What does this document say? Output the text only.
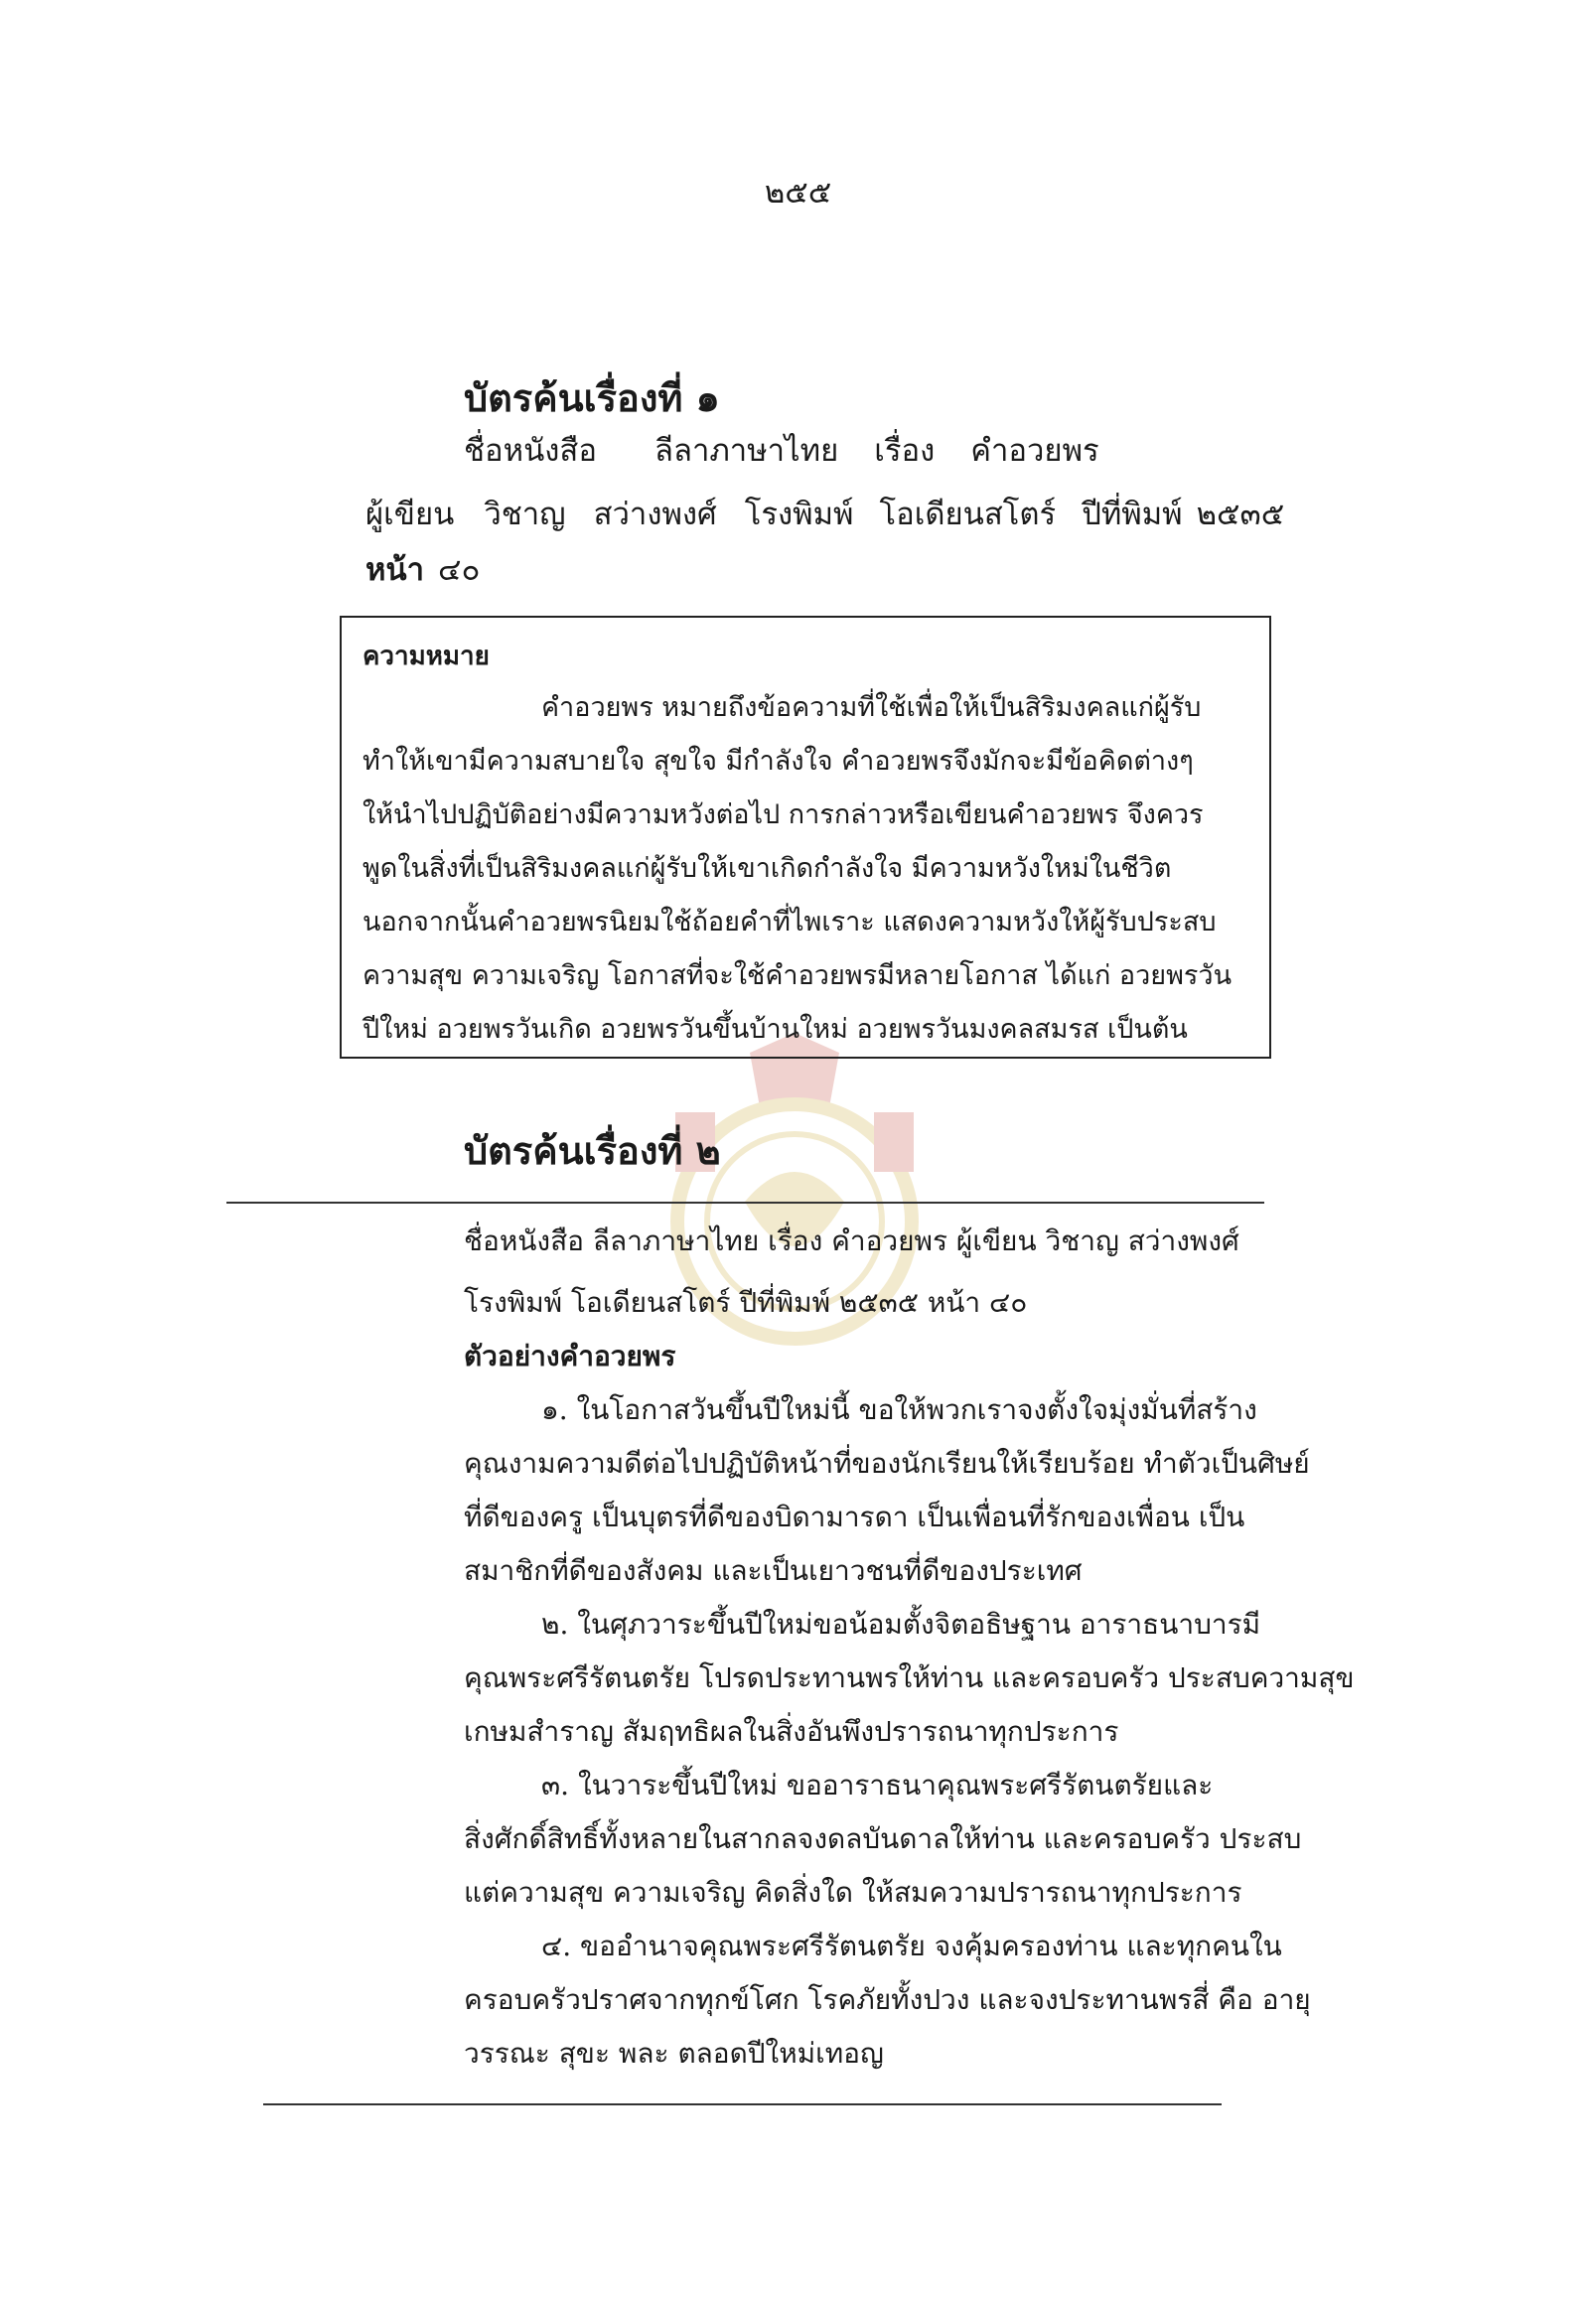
๒๕๕

บัตรค้นเรื่องที่ ๑

ชื่อหนังสือ ลีลาภาษาไทย เรื่อง คำอวยพร

ผู้เขียน วิชาญ สว่างพงศ์ โรงพิมพ์ โอเดียนสโตร์ ปีที่พิมพ์ ๒๕๓๕

หน้า ๔๐

ความหมาย

คำอวยพร หมายถึงข้อความที่ใช้เพื่อให้เป็นสิริมงคลแก่ผู้รับ

ทำให้เขามีความสบายใจ สุขใจ มีกำลังใจ คำอวยพรจึงมักจะมีข้อคิดต่างๆ

ให้นำไปปฏิบัติอย่างมีความหวังต่อไป การกล่าวหรือเขียนคำอวยพร จึงควร

พูดในสิ่งที่เป็นสิริมงคลแก่ผู้รับให้เขาเกิดกำลังใจ มีความหวังใหม่ในชีวิต

นอกจากนั้นคำอวยพรนิยมใช้ถ้อยคำที่ไพเราะ แสดงความหวังให้ผู้รับประสบ

ความสุข ความเจริญ โอกาสที่จะใช้คำอวยพรมีหลายโอกาส ได้แก่ อวยพรวัน

ปีใหม่ อวยพรวันเกิด อวยพรวันขึ้นบ้านใหม่ อวยพรวันมงคลสมรส เป็นต้น

บัตรค้นเรื่องที่ ๒

ชื่อหนังสือ ลีลาภาษาไทย เรื่อง คำอวยพร ผู้เขียน วิชาญ สว่างพงศ์

โรงพิมพ์ โอเดียนสโตร์ ปีที่พิมพ์ ๒๕๓๕ หน้า ๔๐

ตัวอย่างคำอวยพร

๑. ในโอกาสวันขึ้นปีใหม่นี้ ขอให้พวกเราจงตั้งใจมุ่งมั่นที่สร้าง

คุณงามความดีต่อไปปฏิบัติหน้าที่ของนักเรียนให้เรียบร้อย ทำตัวเป็นศิษย์

ที่ดีของครู เป็นบุตรที่ดีของบิดามารดา เป็นเพื่อนที่รักของเพื่อน เป็น

สมาชิกที่ดีของสังคม และเป็นเยาวชนที่ดีของประเทศ

๒. ในศุภวาระขึ้นปีใหม่ขอน้อมตั้งจิตอธิษฐาน อาราธนาบารมี

คุณพระศรีรัตนตรัย โปรดประทานพรให้ท่าน และครอบครัว ประสบความสุข

เกษมสำราญ สัมฤทธิผลในสิ่งอันพึงปรารถนาทุกประการ

๓. ในวาระขึ้นปีใหม่ ขออาราธนาคุณพระศรีรัตนตรัยและ

สิ่งศักดิ์สิทธิ์ทั้งหลายในสากลจงดลบันดาลให้ท่าน และครอบครัว ประสบ

แต่ความสุข ความเจริญ คิดสิ่งใด ให้สมความปรารถนาทุกประการ

๔. ขออำนาจคุณพระศรีรัตนตรัย จงคุ้มครองท่าน และทุกคนใน

ครอบครัวปราศจากทุกข์โศก โรคภัยทั้งปวง และจงประทานพรสี่ คือ อายุ

วรรณะ สุขะ พละ ตลอดปีใหม่เทอญ
